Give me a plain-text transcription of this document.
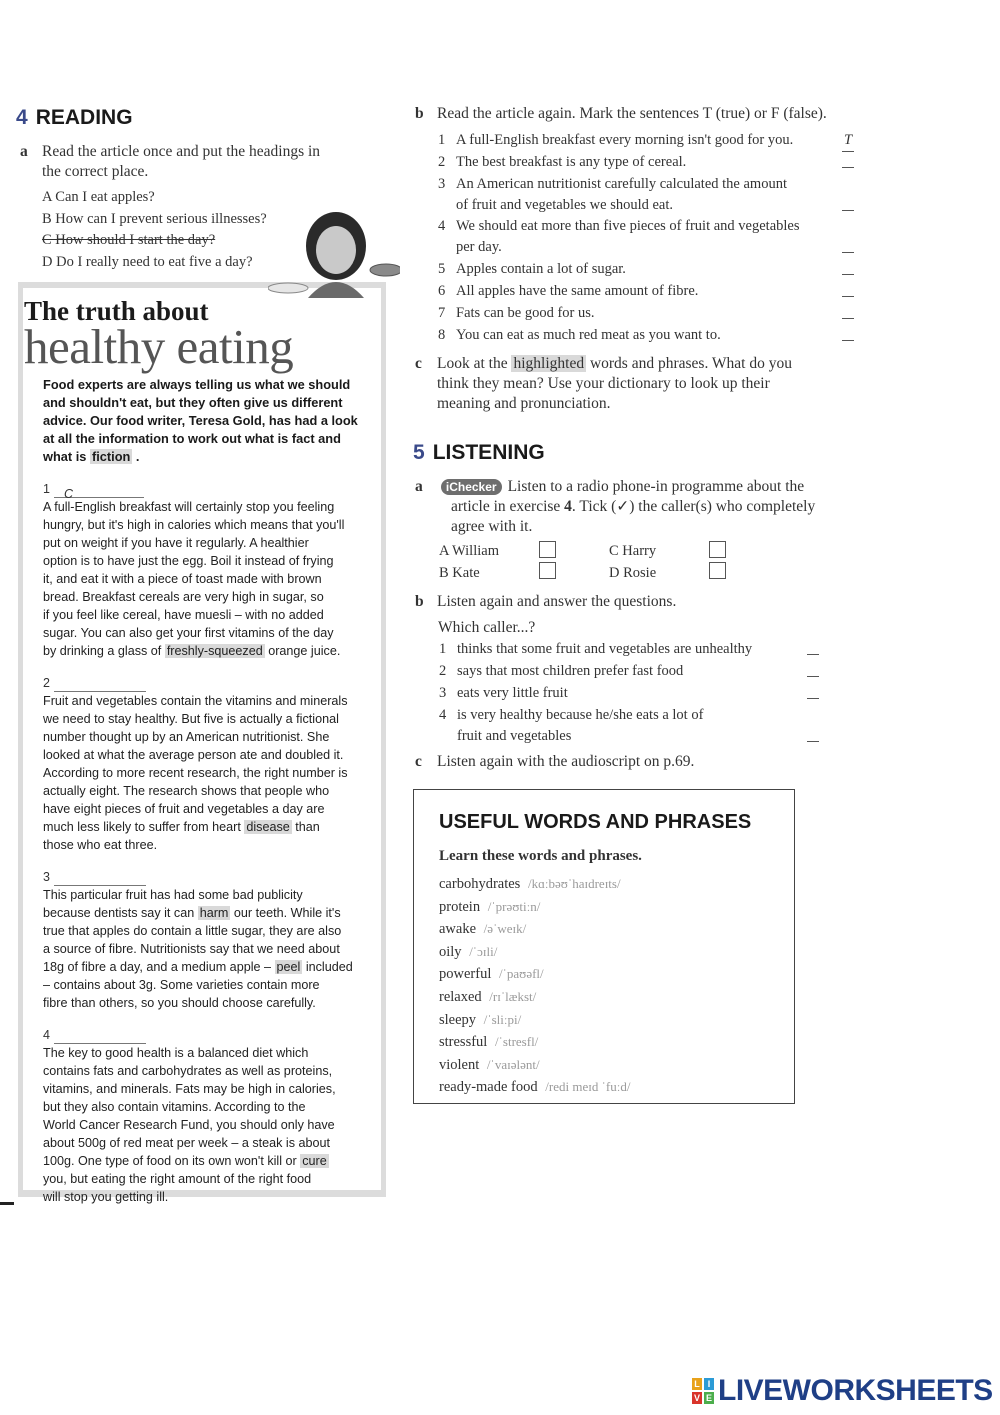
4 READING
a Read the article once and put the headings in
the correct place.
A Can I eat apples?
B How can I prevent serious illnesses?
C How should I start the day?
D Do I really need to eat five a day?
The truth about
healthy eating
Food experts are always telling us what we should
and shouldn't eat, but they often give us different
advice. Our food writer, Teresa Gold, has had a look
at all the information to work out what is fact and
what is fiction .
1 C
A full-English breakfast will certainly stop you feeling
hungry, but it's high in calories which means that you'll
put on weight if you have it regularly. A healthier
option is to have just the egg. Boil it instead of frying
it, and eat it with a piece of toast made with brown
bread. Breakfast cereals are very high in sugar, so
if you feel like cereal, have muesli – with no added
sugar. You can also get your first vitamins of the day
by drinking a glass of freshly-squeezed orange juice.
2
Fruit and vegetables contain the vitamins and minerals
we need to stay healthy. But five is actually a fictional
number thought up by an American nutritionist. She
looked at what the average person ate and doubled it.
According to more recent research, the right number is
actually eight. The research shows that people who
have eight pieces of fruit and vegetables a day are
much less likely to suffer from heart disease than
those who eat three.
3
This particular fruit has had some bad publicity
because dentists say it can harm our teeth. While it's
true that apples do contain a little sugar, they are also
a source of fibre. Nutritionists say that we need about
18g of fibre a day, and a medium apple – peel included
– contains about 3g. Some varieties contain more
fibre than others, so you should choose carefully.
4
The key to good health is a balanced diet which
contains fats and carbohydrates as well as proteins,
vitamins, and minerals. Fats may be high in calories,
but they also contain vitamins. According to the
World Cancer Research Fund, you should only have
about 500g of red meat per week – a steak is about
100g. One type of food on its own won't kill or cure
you, but eating the right amount of the right food
will stop you getting ill.
b Read the article again. Mark the sentences T (true) or F (false).
1 A full-English breakfast every morning isn't good for you.	T
2 The best breakfast is any type of cereal.
3 An American nutritionist carefully calculated the amount
of fruit and vegetables we should eat.
4 We should eat more than five pieces of fruit and vegetables
per day.
5 Apples contain a lot of sugar.
6 All apples have the same amount of fibre.
7 Fats can be good for us.
8 You can eat as much red meat as you want to.
c Look at the highlighted words and phrases. What do you
think they mean? Use your dictionary to look up their
meaning and pronunciation.
5 LISTENING
a iChecker Listen to a radio phone-in programme about the
article in exercise 4. Tick (✓) the caller(s) who completely
agree with it.
A William	C Harry
B Kate	D Rosie
b Listen again and answer the questions.
Which caller...?
1 thinks that some fruit and vegetables are unhealthy
2 says that most children prefer fast food
3 eats very little fruit
4 is very healthy because he/she eats a lot of
fruit and vegetables
c Listen again with the audioscript on p.69.
USEFUL WORDS AND PHRASES
Learn these words and phrases.
carbohydrates /kɑːbəʊˈhaɪdreɪts/
protein /ˈprəʊtiːn/
awake /əˈweɪk/
oily /ˈɔɪli/
powerful /ˈpaʊəfl/
relaxed /rɪˈlækst/
sleepy /ˈsliːpi/
stressful /ˈstresfl/
violent /ˈvaɪələnt/
ready-made food /redi meɪd ˈfuːd/
L I
V E LIVEWORKSHEETS
